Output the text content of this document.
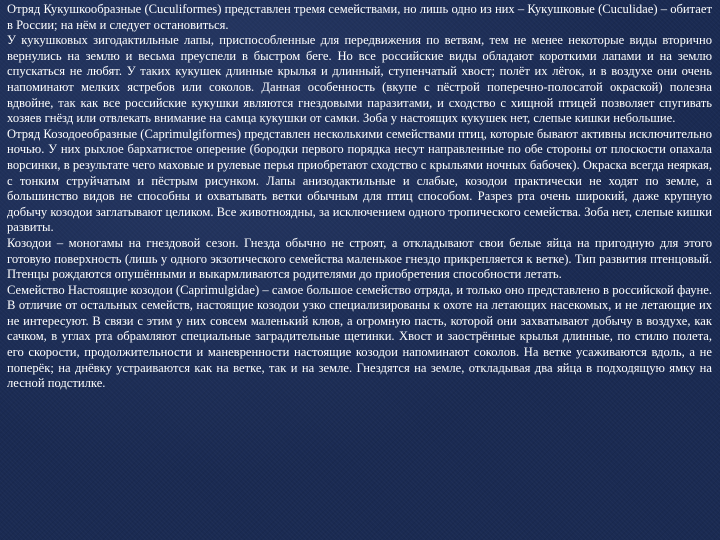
Отряд Кукушкообразные (Cuculiformes) представлен тремя семействами, но лишь одно из них – Кукушковые (Cuculidae) – обитает в России; на нём и следует остановиться.

У кукушковых зигодактильные лапы, приспособленные для передвижения по ветвям, тем не менее некоторые виды вторично вернулись на землю и весьма преуспели в быстром беге. Но все российские виды обладают короткими лапами и на землю спускаться не любят. У таких кукушек длинные крылья и длинный, ступенчатый хвост; полёт их лёгок, и в воздухе они очень напоминают мелких ястребов или соколов. Данная особенность (вкупе с пёстрой поперечно-полосатой окраской) полезна вдвойне, так как все российские кукушки являются гнездовыми паразитами, и сходство с хищной птицей позволяет спугивать хозяев гнёзд или отвлекать внимание на самца кукушки от самки. Зоба у настоящих кукушек нет, слепые кишки небольшие.

Отряд Козодоеобразные (Caprimulgiformes) представлен несколькими семействами птиц, которые бывают активны исключительно ночью. У них рыхлое бархатистое оперение (бородки первого порядка несут направленные по обе стороны от плоскости опахала ворсинки, в результате чего маховые и рулевые перья приобретают сходство с крыльями ночных бабочек). Окраска всегда неяркая, с тонким струйчатым и пёстрым рисунком. Лапы анизодактильные и слабые, козодои практически не ходят по земле, а большинство видов не способны и охватывать ветки обычным для птиц способом. Разрез рта очень широкий, даже крупную добычу козодои заглатывают целиком. Все животноядны, за исключением одного тропического семейства. Зоба нет, слепые кишки развиты.

Козодои – моногамы на гнездовой сезон. Гнезда обычно не строят, а откладывают свои белые яйца на пригодную для этого готовую поверхность (лишь у одного экзотического семейства маленькое гнездо прикрепляется к ветке). Тип развития птенцовый. Птенцы рождаются опушёнными и выкармливаются родителями до приобретения способности летать.

Семейство Настоящие козодои (Caprimulgidae) – самое большое семейство отряда, и только оно представлено в российской фауне. В отличие от остальных семейств, настоящие козодои узко специализированы к охоте на летающих насекомых, и не летающие их не интересуют. В связи с этим у них совсем маленький клюв, а огромную пасть, которой они захватывают добычу в воздухе, как сачком, в углах рта обрамляют специальные заградительные щетинки. Хвост и заострённые крылья длинные, по стилю полета, его скорости, продолжительности и маневренности настоящие козодои напоминают соколов. На ветке усаживаются вдоль, а не поперёк; на днёвку устраиваются как на ветке, так и на земле. Гнездятся на земле, откладывая два яйца в подходящую ямку на лесной подстилке.
